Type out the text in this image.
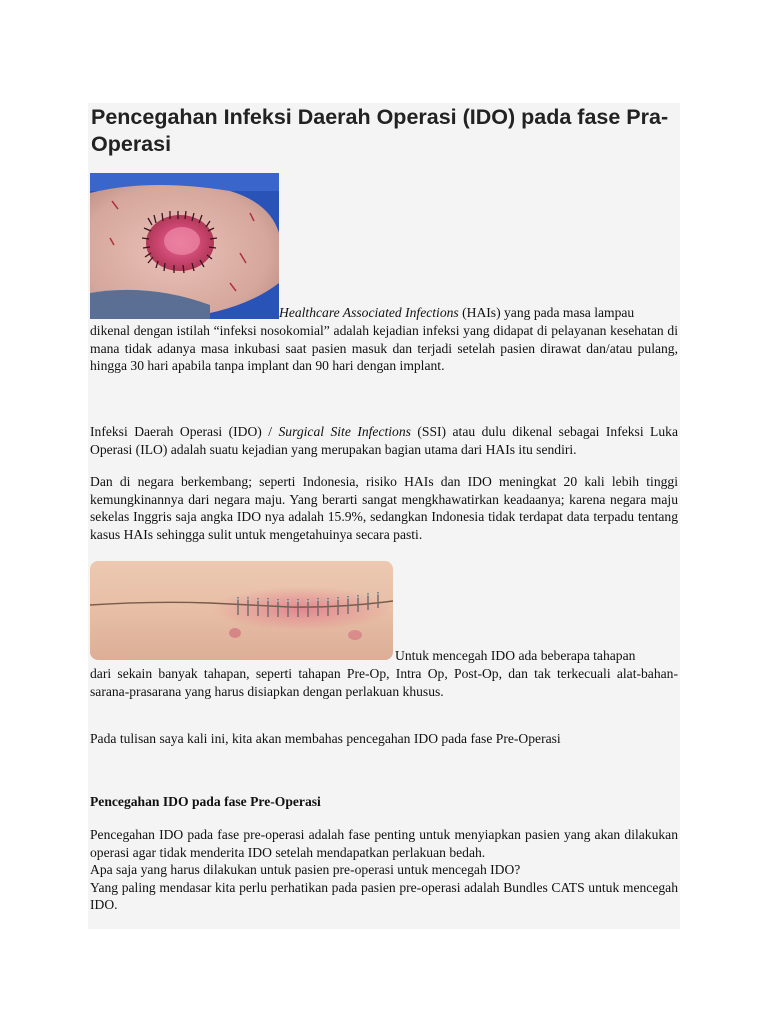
Pencegahan Infeksi Daerah Operasi (IDO) pada fase Pra-Operasi
Healthcare Associated Infections (HAIs) yang pada masa lampau

dikenal dengan istilah “infeksi nosokomial” adalah kejadian infeksi yang didapat di pelayanan kesehatan di mana tidak adanya masa inkubasi saat pasien masuk dan terjadi setelah pasien dirawat dan/atau pulang, hingga 30 hari apabila tanpa implant dan 90 hari dengan implant.

Infeksi Daerah Operasi (IDO) / Surgical Site Infections (SSI) atau dulu dikenal sebagai Infeksi Luka Operasi (ILO) adalah suatu kejadian yang merupakan bagian utama dari HAIs itu sendiri.

Dan di negara berkembang; seperti Indonesia, risiko HAIs dan IDO meningkat 20 kali lebih tinggi kemungkinannya dari negara maju. Yang berarti sangat mengkhawatirkan keadaanya; karena negara maju sekelas Inggris saja angka IDO nya adalah 15.9%, sedangkan Indonesia tidak terdapat data terpadu tentang kasus HAIs sehingga sulit untuk mengetahuinya secara pasti.

Untuk mencegah IDO ada beberapa tahapan

dari sekain banyak tahapan, seperti tahapan Pre-Op, Intra Op, Post-Op, dan tak terkecuali alat-bahan-sarana-prasarana yang harus disiapkan dengan perlakuan khusus.

Pada tulisan saya kali ini, kita akan membahas pencegahan IDO pada fase Pre-Operasi

Pencegahan IDO pada fase Pre-Operasi

Pencegahan IDO pada fase pre-operasi adalah fase penting untuk menyiapkan pasien yang akan dilakukan operasi agar tidak menderita IDO setelah mendapatkan perlakuan bedah.
Apa saja yang harus dilakukan untuk pasien pre-operasi untuk mencegah IDO?
Yang paling mendasar kita perlu perhatikan pada pasien pre-operasi adalah Bundles CATS untuk mencegah IDO.
